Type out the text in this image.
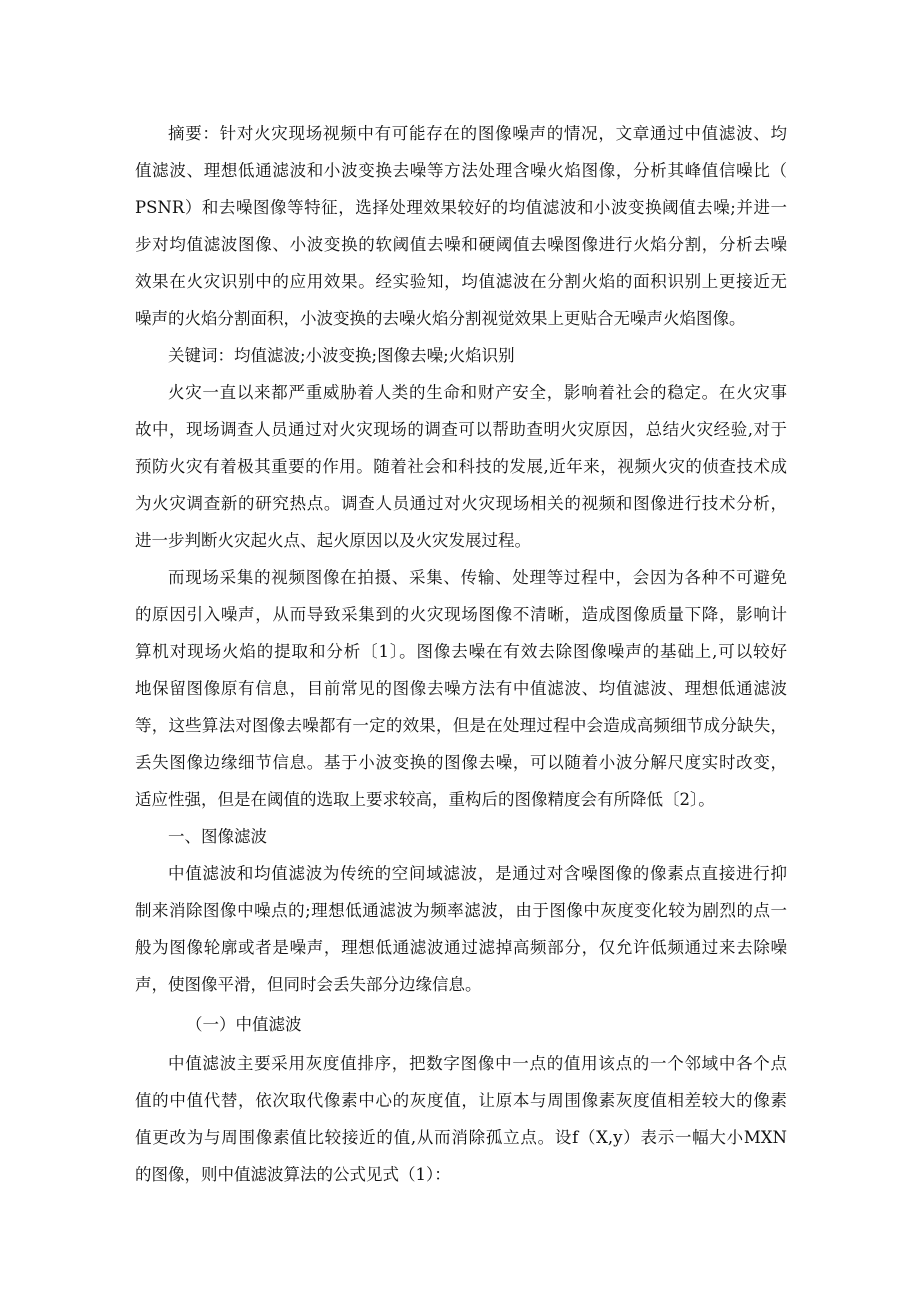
摘要：针对火灾现场视频中有可能存在的图像噪声的情况，文章通过中值滤波、均
值滤波、理想低通滤波和小波变换去噪等方法处理含噪火焰图像，分析其峰值信噪比（
PSNR）和去噪图像等特征，选择处理效果较好的均值滤波和小波变换阈值去噪;并进一
步对均值滤波图像、小波变换的软阈值去噪和硬阈值去噪图像进行火焰分割，分析去噪
效果在火灾识别中的应用效果。经实验知，均值滤波在分割火焰的面积识别上更接近无
噪声的火焰分割面积，小波变换的去噪火焰分割视觉效果上更贴合无噪声火焰图像。
关键词：均值滤波;小波变换;图像去噪;火焰识别
火灾一直以来都严重威胁着人类的生命和财产安全，影响着社会的稳定。在火灾事
故中，现场调查人员通过对火灾现场的调查可以帮助查明火灾原因，总结火灾经验,对于
预防火灾有着极其重要的作用。随着社会和科技的发展,近年来，视频火灾的侦查技术成
为火灾调查新的研究热点。调查人员通过对火灾现场相关的视频和图像进行技术分析，
进一步判断火灾起火点、起火原因以及火灾发展过程。
而现场采集的视频图像在拍摄、采集、传输、处理等过程中，会因为各种不可避免
的原因引入噪声，从而导致采集到的火灾现场图像不清晰，造成图像质量下降，影响计
算机对现场火焰的提取和分析〔1〕。图像去噪在有效去除图像噪声的基础上,可以较好
地保留图像原有信息，目前常见的图像去噪方法有中值滤波、均值滤波、理想低通滤波
等，这些算法对图像去噪都有一定的效果，但是在处理过程中会造成高频细节成分缺失，
丢失图像边缘细节信息。基于小波变换的图像去噪，可以随着小波分解尺度实时改变，
适应性强，但是在阈值的选取上要求较高，重构后的图像精度会有所降低〔2〕。
一、图像滤波
中值滤波和均值滤波为传统的空间域滤波，是通过对含噪图像的像素点直接进行抑
制来消除图像中噪点的;理想低通滤波为频率滤波，由于图像中灰度变化较为剧烈的点一
般为图像轮廓或者是噪声，理想低通滤波通过滤掉高频部分，仅允许低频通过来去除噪
声，使图像平滑，但同时会丢失部分边缘信息。
（一）中值滤波
中值滤波主要采用灰度值排序，把数字图像中一点的值用该点的一个邻域中各个点
值的中值代替，依次取代像素中心的灰度值，让原本与周围像素灰度值相差较大的像素
值更改为与周围像素值比较接近的值,从而消除孤立点。设f（X,y）表示一幅大小MXN
的图像，则中值滤波算法的公式见式（1）：
